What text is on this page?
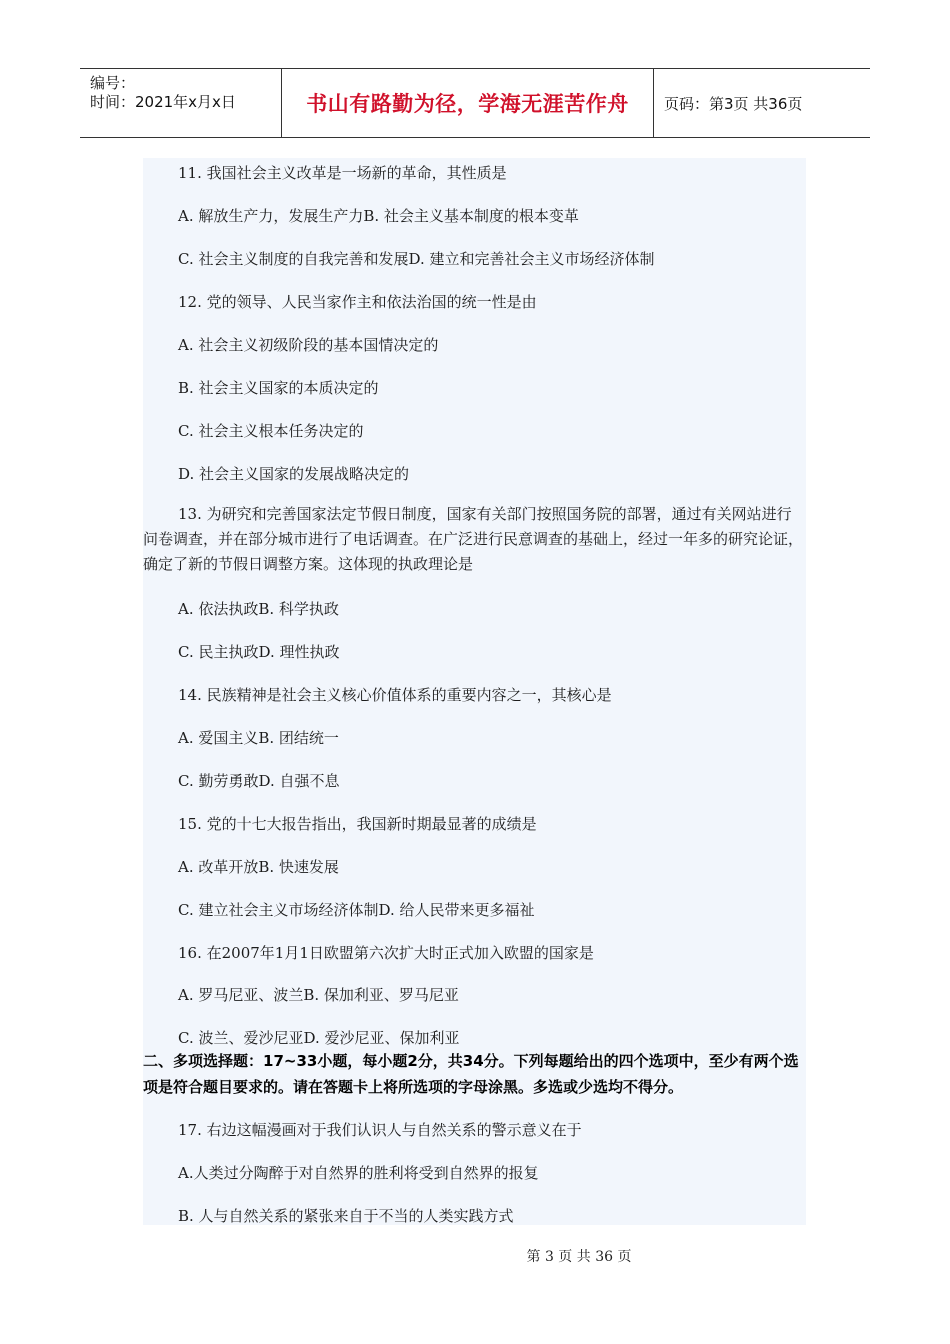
编号：
时间：2021年x月x日	书山有路勤为径，学海无涯苦作舟	页码：第3页 共36页
11. 我国社会主义改革是一场新的革命，其性质是
A. 解放生产力，发展生产力B. 社会主义基本制度的根本变革
C. 社会主义制度的自我完善和发展D. 建立和完善社会主义市场经济体制
12. 党的领导、人民当家作主和依法治国的统一性是由
A. 社会主义初级阶段的基本国情决定的
B. 社会主义国家的本质决定的
C. 社会主义根本任务决定的
D. 社会主义国家的发展战略决定的
13. 为研究和完善国家法定节假日制度，国家有关部门按照国务院的部署，通过有关网站进行问卷调查，并在部分城市进行了电话调查。在广泛进行民意调查的基础上，经过一年多的研究论证，确定了新的节假日调整方案。这体现的执政理论是
A. 依法执政B. 科学执政
C. 民主执政D. 理性执政
14. 民族精神是社会主义核心价值体系的重要内容之一，其核心是
A. 爱国主义B. 团结统一
C. 勤劳勇敢D. 自强不息
15. 党的十七大报告指出，我国新时期最显著的成绩是
A. 改革开放B. 快速发展
C. 建立社会主义市场经济体制D. 给人民带来更多福祉
16. 在2007年1月1日欧盟第六次扩大时正式加入欧盟的国家是
A. 罗马尼亚、波兰B. 保加利亚、罗马尼亚
C. 波兰、爱沙尼亚D. 爱沙尼亚、保加利亚
二、多项选择题：17~33小题，每小题2分，共34分。下列每题给出的四个选项中，至少有两个选项是符合题目要求的。请在答题卡上将所选项的字母涂黑。多选或少选均不得分。
17. 右边这幅漫画对于我们认识人与自然关系的警示意义在于
A.人类过分陶醉于对自然界的胜利将受到自然界的报复
B. 人与自然关系的紧张来自于不当的人类实践方式
第 3 页 共 36 页
